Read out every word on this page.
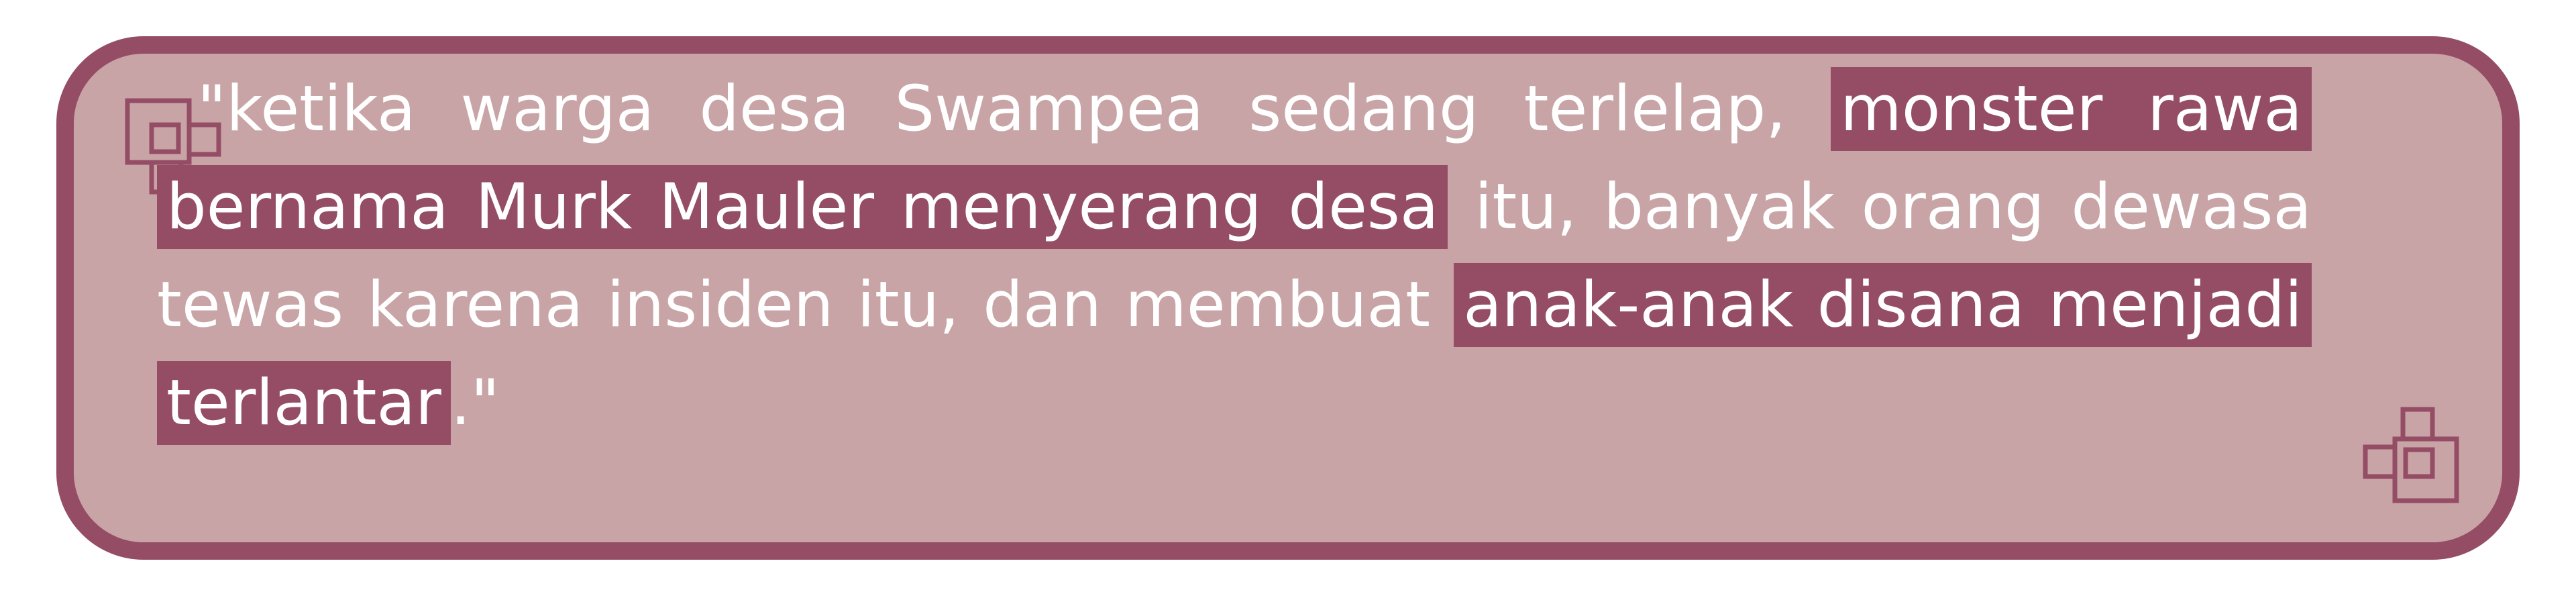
"ketika warga desa Swampea sedang terlelap, monster rawa bernama Murk Mauler menyerang desa itu, banyak orang dewasa tewas karena insiden itu, dan membuat anak-anak disana menjadi terlantar ."
